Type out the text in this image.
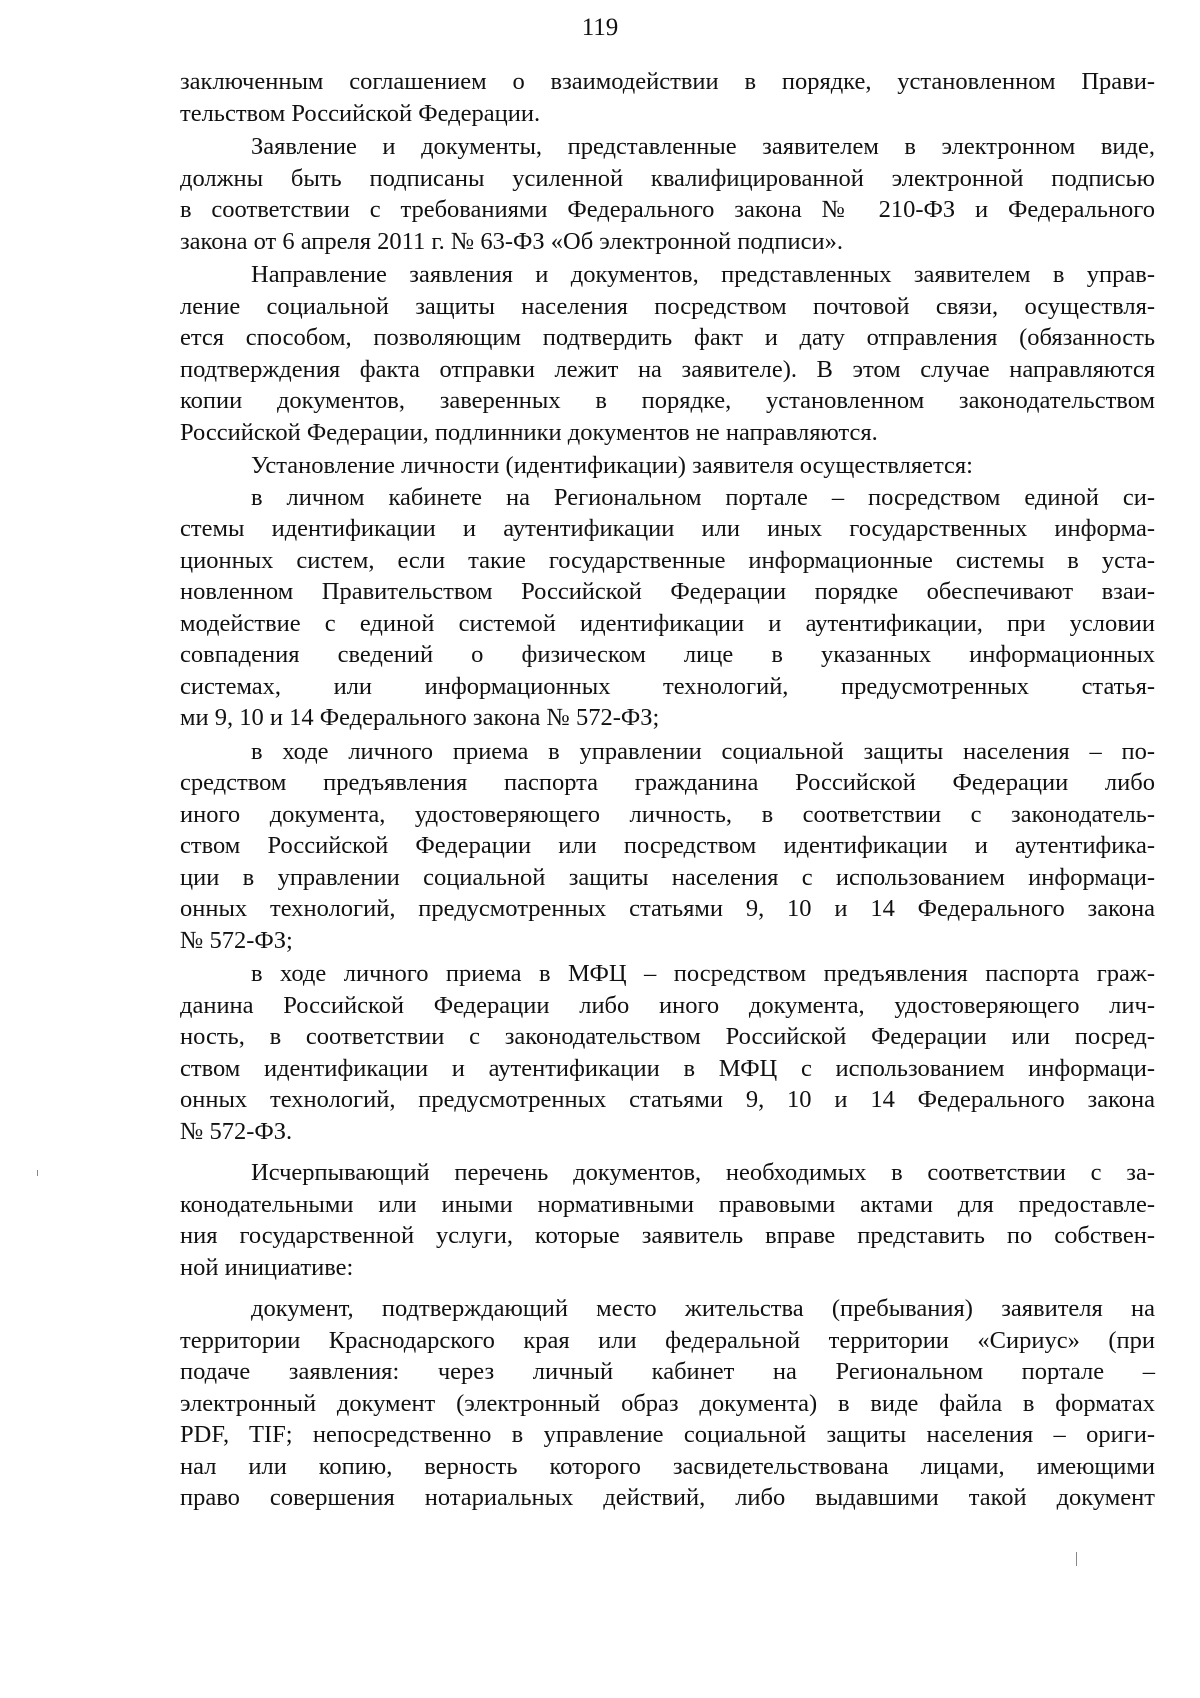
119
заключенным соглашением о взаимодействии в порядке, установленном Прави-
тельством Российской Федерации.
Заявление и документы, представленные заявителем в электронном виде,
должны быть подписаны усиленной квалифицированной электронной подписью
в соответствии с требованиями Федерального закона № 210-ФЗ и Федерального
закона от 6 апреля 2011 г. № 63-ФЗ «Об электронной подписи».
Направление заявления и документов, представленных заявителем в управ-
ление социальной защиты населения посредством почтовой связи, осуществля-
ется способом, позволяющим подтвердить факт и дату отправления (обязанность
подтверждения факта отправки лежит на заявителе). В этом случае направляются
копии документов, заверенных в порядке, установленном законодательством
Российской Федерации, подлинники документов не направляются.
Установление личности (идентификации) заявителя осуществляется:
в личном кабинете на Региональном портале – посредством единой си-
стемы идентификации и аутентификации или иных государственных информа-
ционных систем, если такие государственные информационные системы в уста-
новленном Правительством Российской Федерации порядке обеспечивают взаи-
модействие с единой системой идентификации и аутентификации, при условии
совпадения сведений о физическом лице в указанных информационных
системах, или информационных технологий, предусмотренных статья-
ми 9, 10 и 14 Федерального закона № 572-ФЗ;
в ходе личного приема в управлении социальной защиты населения – по-
средством предъявления паспорта гражданина Российской Федерации либо
иного документа, удостоверяющего личность, в соответствии с законодатель-
ством Российской Федерации или посредством идентификации и аутентифика-
ции в управлении социальной защиты населения с использованием информаци-
онных технологий, предусмотренных статьями 9, 10 и 14 Федерального закона
№ 572-ФЗ;
в ходе личного приема в МФЦ – посредством предъявления паспорта граж-
данина Российской Федерации либо иного документа, удостоверяющего лич-
ность, в соответствии с законодательством Российской Федерации или посред-
ством идентификации и аутентификации в МФЦ с использованием информаци-
онных технологий, предусмотренных статьями 9, 10 и 14 Федерального закона
№ 572-ФЗ.
Исчерпывающий перечень документов, необходимых в соответствии с за-
конодательными или иными нормативными правовыми актами для предоставле-
ния государственной услуги, которые заявитель вправе представить по собствен-
ной инициативе:
документ, подтверждающий место жительства (пребывания) заявителя на
территории Краснодарского края или федеральной территории «Сириус» (при
подаче заявления: через личный кабинет на Региональном портале –
электронный документ (электронный образ документа) в виде файла в форматах
PDF, TIF; непосредственно в управление социальной защиты населения – ориги-
нал или копию, верность которого засвидетельствована лицами, имеющими
право совершения нотариальных действий, либо выдавшими такой документ
